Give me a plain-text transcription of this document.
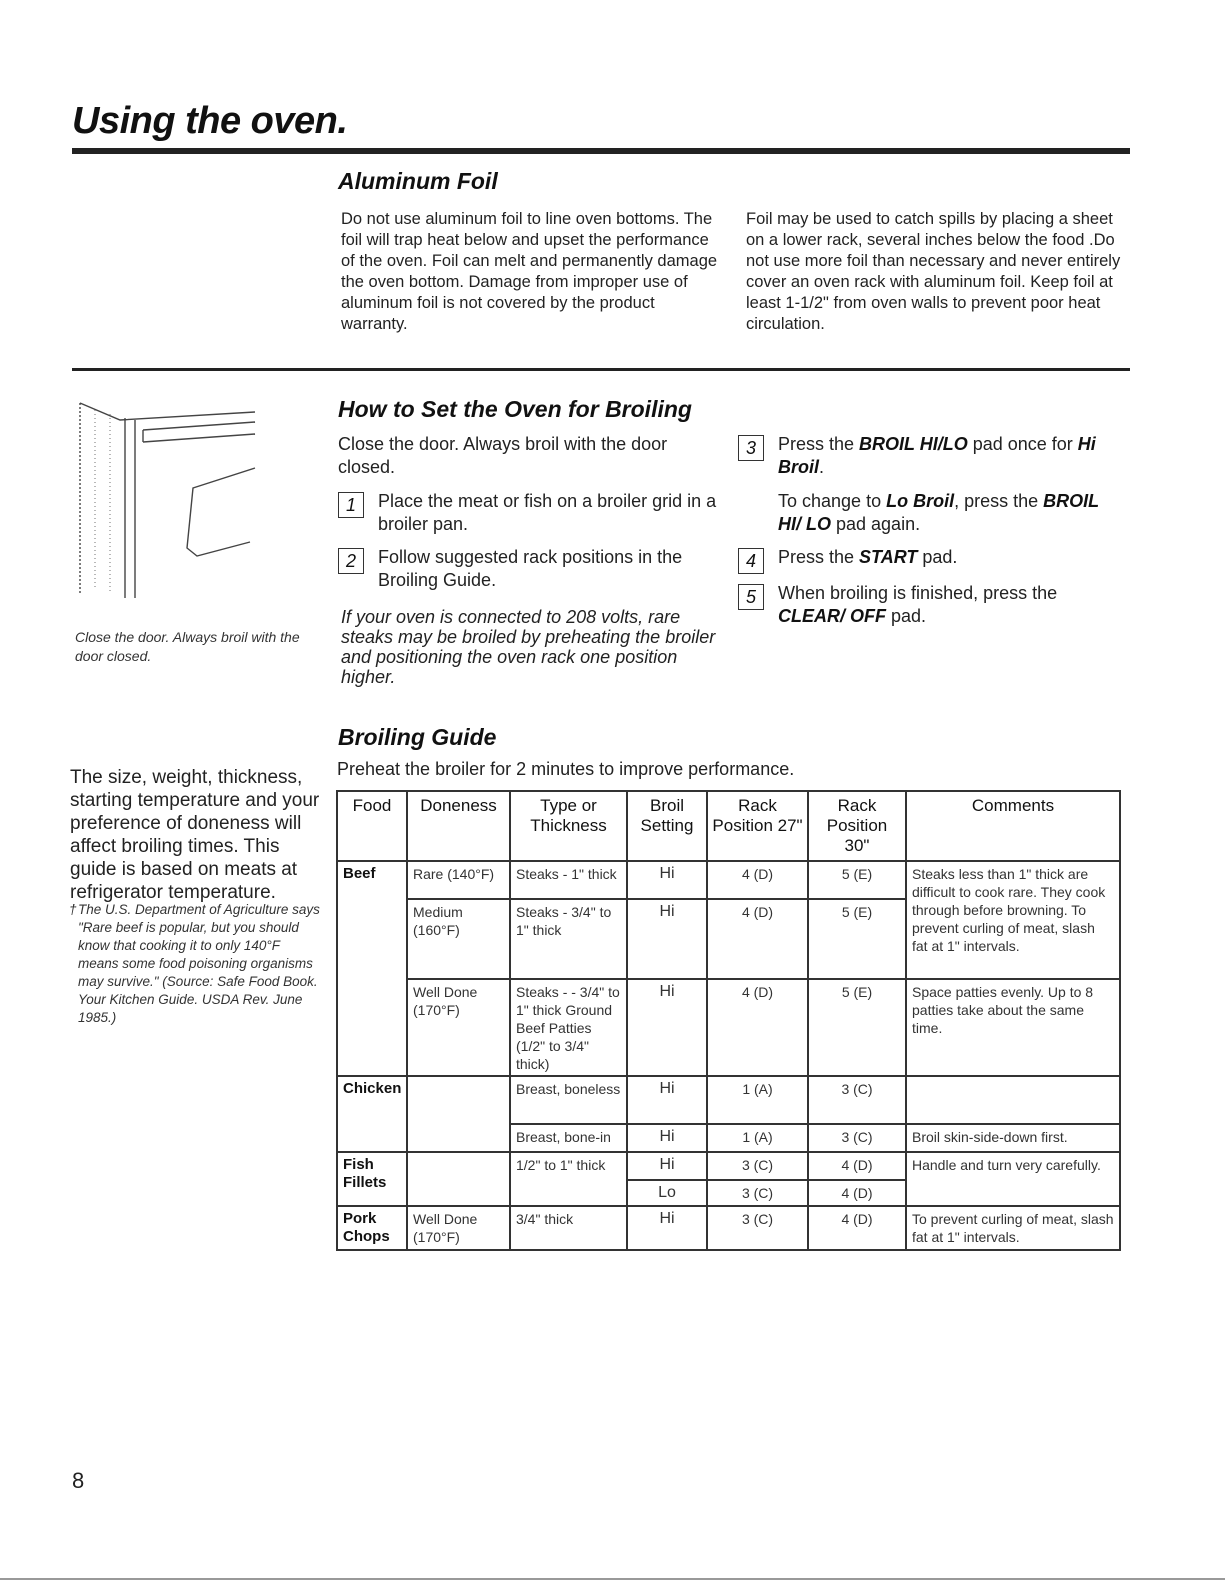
Using the oven.
Aluminum Foil
Do not use aluminum foil to line oven bottoms. The foil will trap heat below and upset the performance of the oven. Foil can melt and permanently damage the oven bottom. Damage from improper use of aluminum foil is not covered by the product warranty.
Foil may be used to catch spills by placing a sheet on a lower rack, several inches below the food .Do not use more foil than necessary and never entirely cover an oven rack with aluminum foil. Keep foil at least 1-1/2" from oven walls to prevent poor heat circulation.
Close the door. Always broil with the door closed.
How to Set the Oven for Broiling
Close the door. Always broil with the door closed.
1	Place the meat or fish on a broiler grid in a broiler pan.
2	Follow suggested rack positions in the Broiling Guide.
If your oven is connected to 208 volts, rare steaks may be broiled by preheating the broiler and positioning the oven rack one position higher.
3	Press the BROIL HI/LO pad once for Hi Broil.
To change to Lo Broil, press the BROIL HI/ LO pad again.
4	Press the START pad.
5	When broiling is finished, press the CLEAR/ OFF pad.
Broiling Guide
Preheat the broiler for 2 minutes to improve performance.
The size, weight, thickness, starting temperature and your preference of doneness will affect broiling times. This guide is based on meats at refrigerator temperature.
† The U.S. Department of Agriculture says "Rare beef is popular, but you should know that cooking it to only 140°F means some food poisoning organisms may survive." (Source: Safe Food Book. Your Kitchen Guide. USDA Rev. June 1985.)
Food	Doneness	Type or Thickness	Broil Setting	Rack Position 27"	Rack Position 30"	Comments
Beef	Rare (140°F)	Steaks - 1" thick	Hi	4 (D)	5 (E)	Steaks less than 1" thick are difficult to cook rare. They cook through before browning. To prevent curling of meat, slash fat at 1" intervals.
	Medium (160°F)	Steaks - 3/4" to 1" thick	Hi	4 (D)	5 (E)	
	Well Done (170°F)	Steaks - - 3/4" to 1" thick Ground Beef Patties (1/2" to 3/4" thick)	Hi	4 (D)	5 (E)	Space patties evenly. Up to 8 patties take about the same time.
Chicken		Breast, boneless	Hi	1 (A)	3 (C)	
		Breast, bone-in	Hi	1 (A)	3 (C)	Broil skin-side-down first.
Fish Fillets		1/2" to 1" thick	Hi	3 (C)	4 (D)	Handle and turn very carefully.
			Lo	3 (C)	4 (D)	
Pork Chops	Well Done (170°F)	3/4" thick	Hi	3 (C)	4 (D)	To prevent curling of meat, slash fat at 1" intervals.
8
